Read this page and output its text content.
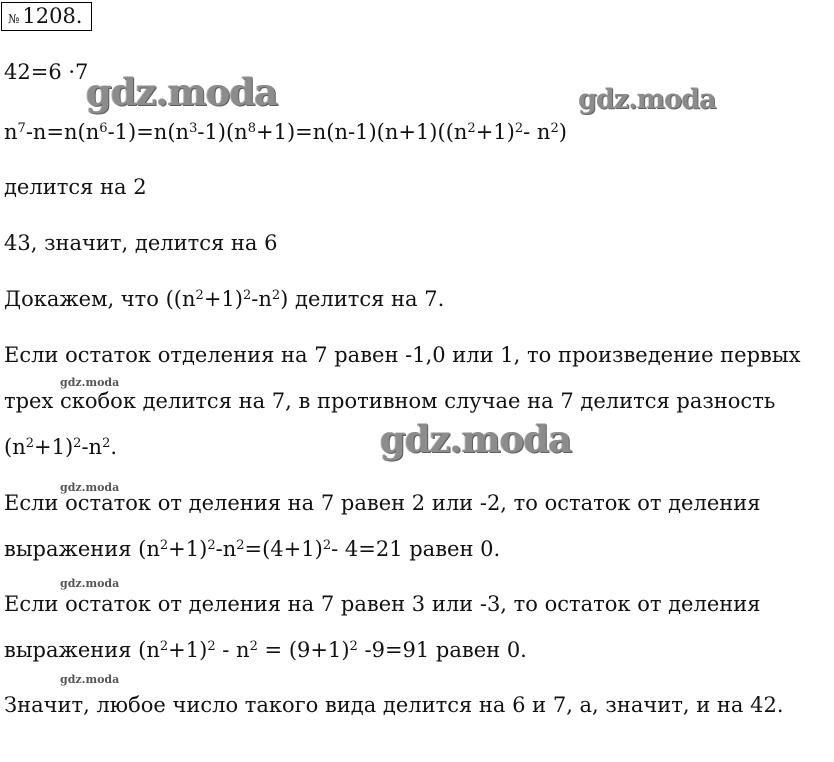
№ 1208.
gdz.moda	gdz.moda
gdz.moda
gdz.moda
gdz.moda
gdz.moda
gdz.moda
42=6 ·7
$n^7-n=n(n^6-1)=n(n^3-1)(n^8+1)=n(n-1)(n+1)((n^2+1)^2-$ $n^2$)
делится на 2
43, значит, делится на 6
Докажем, что $((n^2+1)^2-n^2)$ делится на 7.
Если остаток отделения на 7 равен -1,0 или 1, то произведение первых
трех скобок делится на 7, в противном случае на 7 делится разность
$(n^2+1)^2-n^2$.
Если остаток от деления на 7 равен 2 или -2, то остаток от деления
выражения $(n^2+1)^2-n^2=(4+1)^2-$ 4=21 равен 0.
Если остаток от деления на 7 равен 3 или -3, то остаток от деления
выражения $(n^2+1)^2 - n^2 = (9+1)^2$ -9=91 равен 0.
Значит, любое число такого вида делится на 6 и 7, а, значит, и на 42.
